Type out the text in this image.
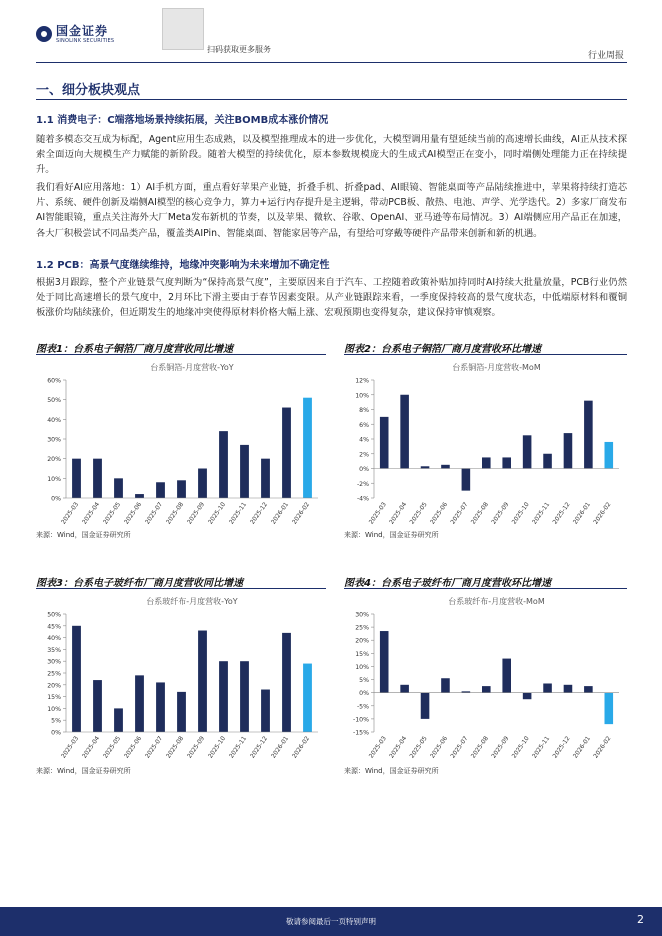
国金证券
SINOLINK SECURITIES
扫码获取更多服务
行业周报
一、细分板块观点
1.1 消费电子：C端落地场景持续拓展，关注BOMB成本涨价情况
随着多模态交互成为标配，Agent应用生态成熟，以及模型推理成本的进一步优化，大模型调用量有望延续当前的高速增长曲线，AI正从技术探索全面迈向大规模生产力赋能的新阶段。随着大模型的持续优化，原本参数规模庞大的生成式AI模型正在变小，同时端侧处理能力正在持续提升。
我们看好AI应用落地：1）AI手机方面，重点看好苹果产业链，折叠手机、折叠pad、AI眼镜、智能桌面等产品陆续推进中，苹果将持续打造芯片、系统、硬件创新及端侧AI模型的核心竞争力，算力+运行内存提升是主逻辑，带动PCB板、散热、电池、声学、光学迭代。2）多家厂商发布AI智能眼镜，重点关注海外大厂Meta发布新机的节奏，以及苹果、微软、谷歌、OpenAI、亚马逊等布局情况。3）AI端侧应用产品正在加速，各大厂积极尝试不同品类产品，覆盖类AIPin、智能桌面、智能家居等产品，有望给可穿戴等硬件产品带来创新和新的机遇。
1.2 PCB：高景气度继续维持，地缘冲突影响为未来增加不确定性
根据3月跟踪，整个产业链景气度判断为“保持高景气度”，主要原因来自于汽车、工控随着政策补贴加持同时AI持续大批量放量，PCB行业仍然处于同比高速增长的景气度中，2月环比下滑主要由于春节因素变限。从产业链跟踪来看，一季度保持较高的景气度状态，中低端原材料和覆铜板涨价均陆续涨价，但近期发生的地缘冲突使得原材料价格大幅上涨、宏观预期也变得复杂，建议保持审慎观察。
图表1：台系电子铜箔厂商月度营收同比增速
台系铜箔-月度营收-YoY
0%
10%
20%
30%
40%
50%
60%
2025-03 2025-04 2025-05 2025-06 2025-07 2025-08 2025-09 2025-10 2025-11 2025-12 2026-01 2026-02
来源：Wind，国金证券研究所
图表2：台系电子铜箔厂商月度营收环比增速
台系铜箔-月度营收-MoM
-4%
-2%
0%
2%
4%
6%
8%
10%
12%
2025-03 2025-04 2025-05 2025-06 2025-07 2025-08 2025-09 2025-10 2025-11 2025-12 2026-01 2026-02
来源：Wind，国金证券研究所
图表3：台系电子玻纤布厂商月度营收同比增速
台系玻纤布-月度营收-YoY
0%
5%
10%
15%
20%
25%
30%
35%
40%
45%
50%
2025-03 2025-04 2025-05 2025-06 2025-07 2025-08 2025-09 2025-10 2025-11 2025-12 2026-01 2026-02
来源：Wind，国金证券研究所
图表4：台系电子玻纤布厂商月度营收环比增速
台系玻纤布-月度营收-MoM
-15%
-10%
-5%
0%
5%
10%
15%
20%
25%
30%
2025-03 2025-04 2025-05 2025-06 2025-07 2025-08 2025-09 2025-10 2025-11 2025-12 2026-01 2026-02
来源：Wind，国金证券研究所
敬请参阅最后一页特别声明	2
